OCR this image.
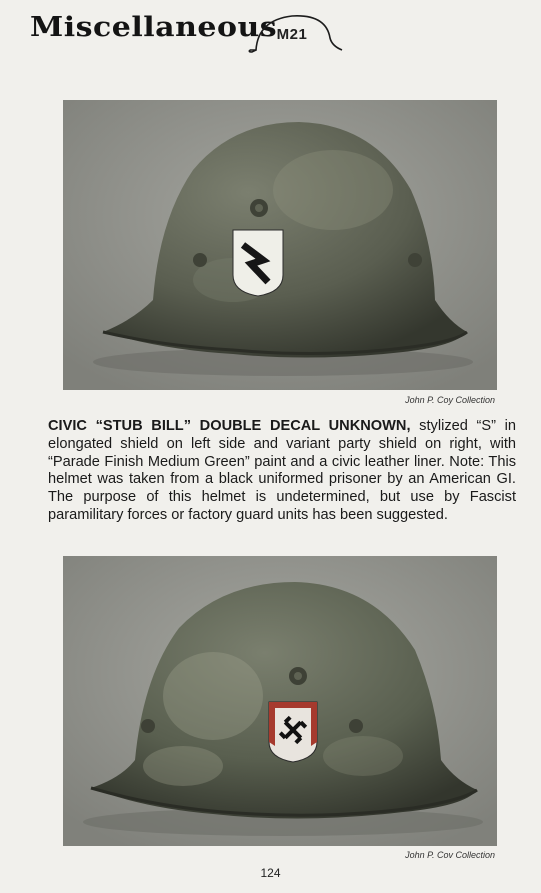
Miscellaneous M21
John P. Coy Collection
CIVIC “STUB BILL” DOUBLE DECAL UNKNOWN, stylized “S” in elongated shield on left side and variant party shield on right, with “Parade Finish Medium Green” paint and a civic leather liner. Note: This helmet was taken from a black uniformed prisoner by an American GI. The purpose of this helmet is undetermined, but use by Fascist paramilitary forces or factory guard units has been suggested.
John P. Cov Collection
124
